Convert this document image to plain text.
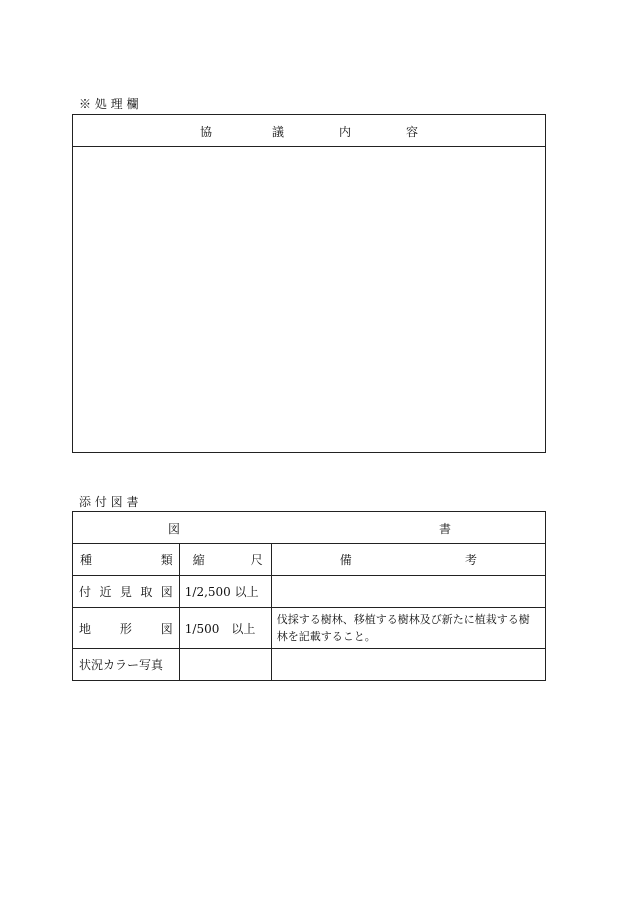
※ 処 理 欄
協	議	内	容
添 付 図 書
図 書		

種 類	縮 尺	備 考

付 近 見 取 図	1/2,500 以上	

地 形 図	1/500　以上	伐採する樹林、移植する樹林及び新たに植栽する樹林を記載すること。

状況カラー写真		
